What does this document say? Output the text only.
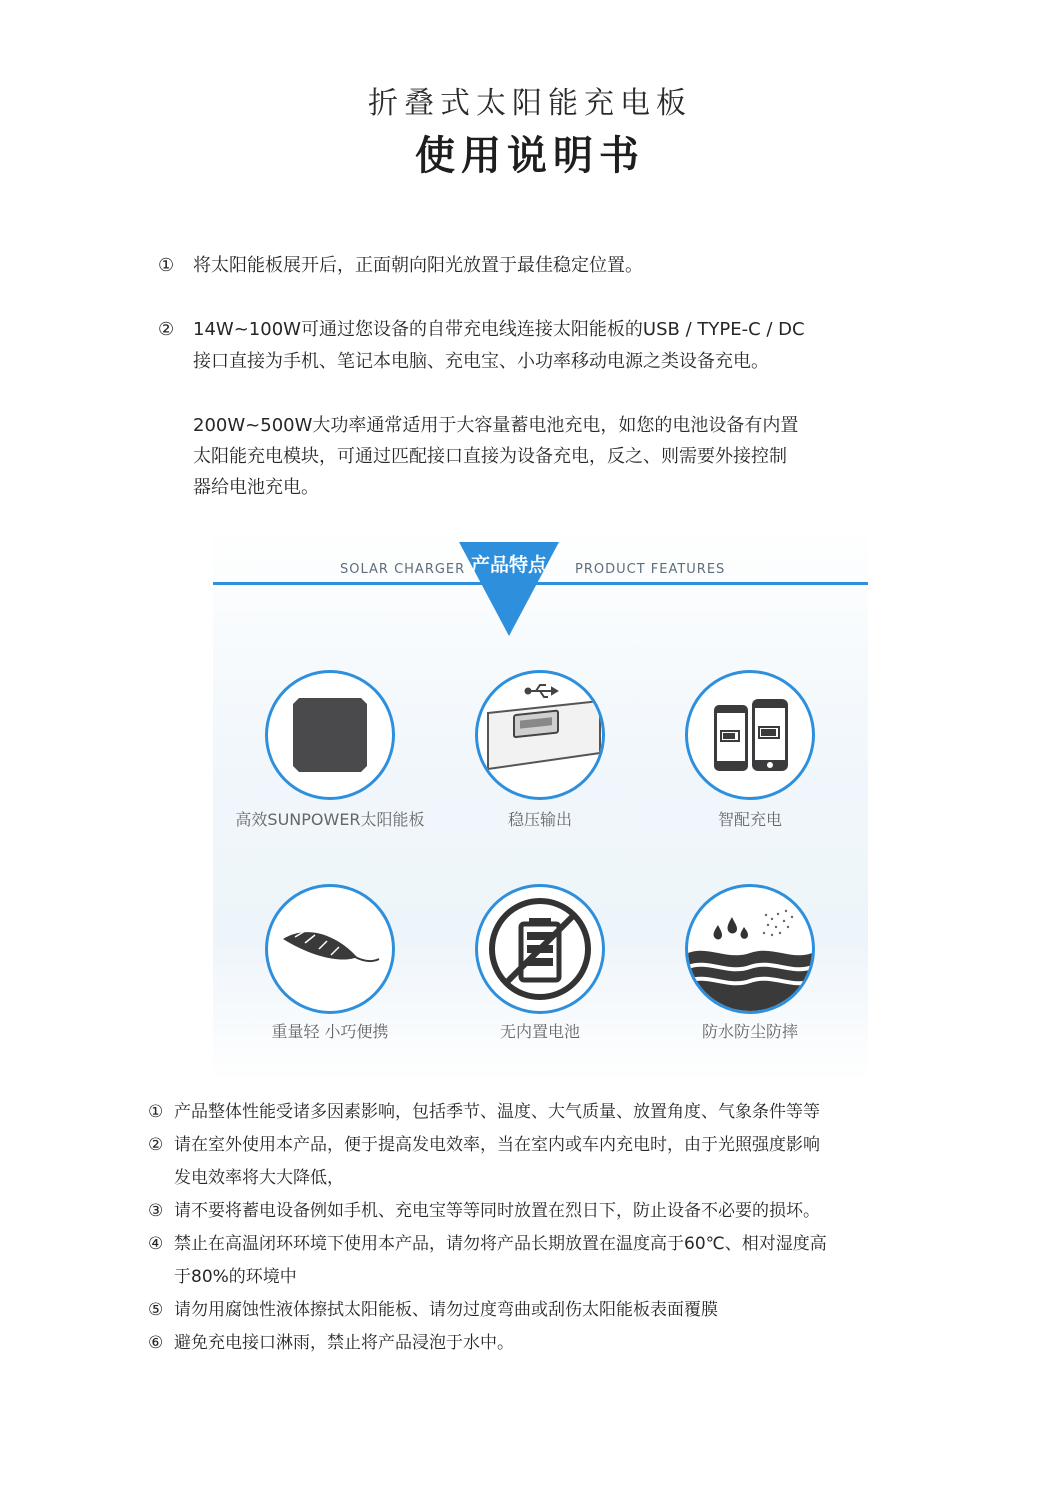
折叠式太阳能充电板
使用说明书
① 将太阳能板展开后，正面朝向阳光放置于最佳稳定位置。
② 14W~100W可通过您设备的自带充电线连接太阳能板的USB / TYPE-C / DC
接口直接为手机、笔记本电脑、充电宝、小功率移动电源之类设备充电。
200W~500W大功率通常适用于大容量蓄电池充电，如您的电池设备有内置
太阳能充电模块，可通过匹配接口直接为设备充电，反之、则需要外接控制
器给电池充电。
SOLAR CHARGER	PRODUCT FEATURES
产品特点
高效SUNPOWER太阳能板	稳压输出	智配充电
重量轻 小巧便携	无内置电池	防水防尘防摔
① 产品整体性能受诸多因素影响，包括季节、温度、大气质量、放置角度、气象条件等等
② 请在室外使用本产品，便于提高发电效率，当在室内或车内充电时，由于光照强度影响
发电效率将大大降低，
③ 请不要将蓄电设备例如手机、充电宝等等同时放置在烈日下，防止设备不必要的损坏。
④ 禁止在高温闭环环境下使用本产品，请勿将产品长期放置在温度高于60℃、相对湿度高
于80%的环境中
⑤ 请勿用腐蚀性液体擦拭太阳能板、请勿过度弯曲或刮伤太阳能板表面覆膜
⑥ 避免充电接口淋雨，禁止将产品浸泡于水中。
